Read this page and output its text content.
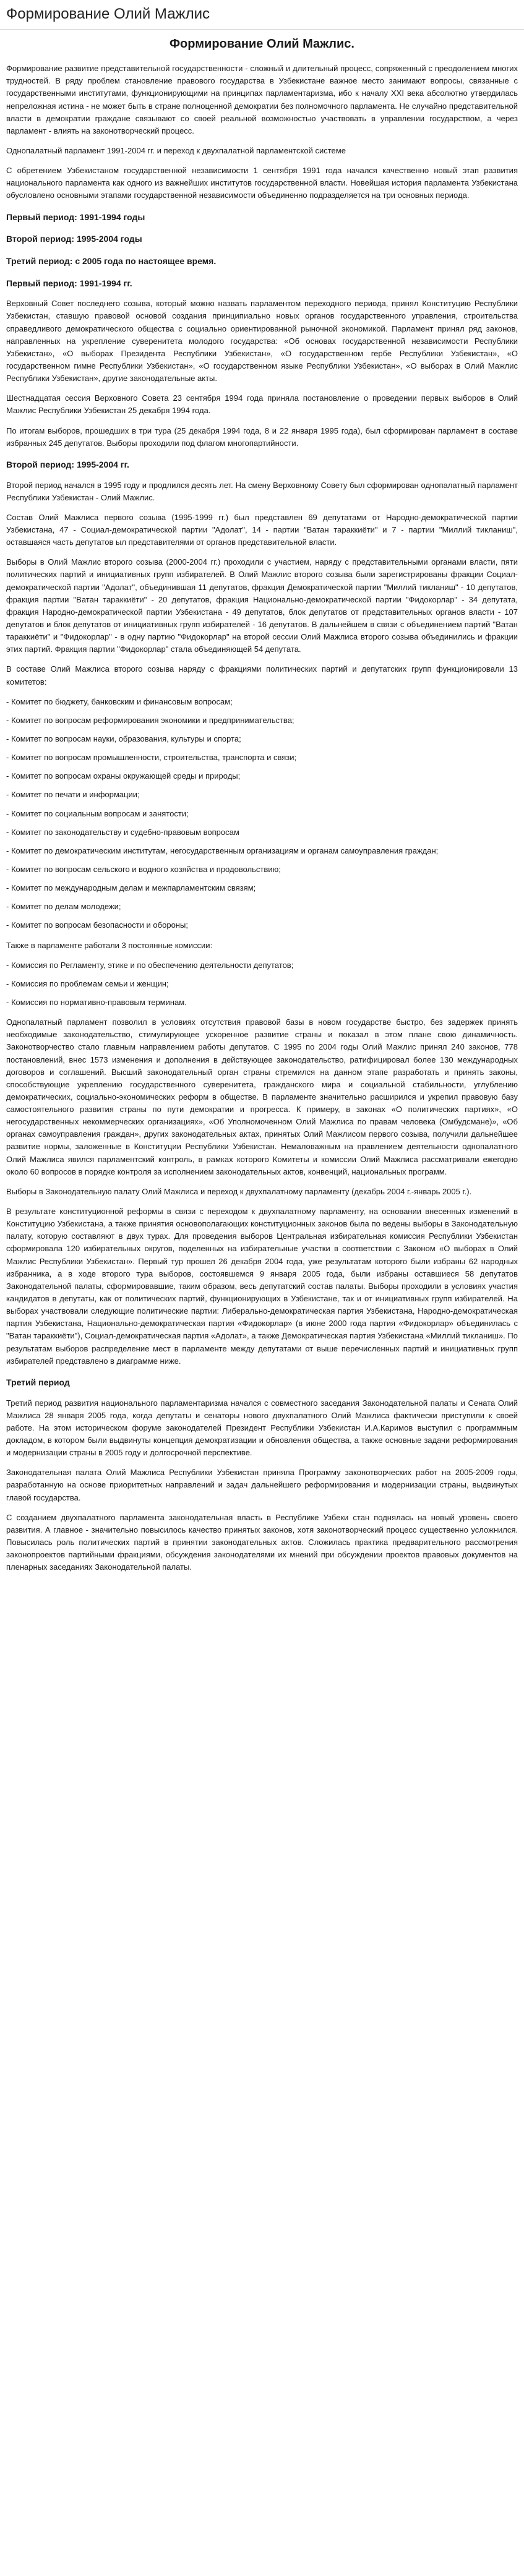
Формирование Олий Мажлис
Формирование Олий Мажлис.

Формирование развитие представительной государственности - сложный и длительный процесс, сопряженный с преодолением многих трудностей. В ряду проблем становление правового государства в Узбекистане важное место занимают вопросы, связанные с государственными институтами, функционирующими на принципах парламентаризма, ибо к началу XXI века абсолютно утвердилась непреложная истина - не может быть в стране полноценной демократии без полномочного парламента. Не случайно представительной власти в демократии граждане связывают со своей реальной возможностью участвовать в управлении государством, а через парламент - влиять на законотворческий процесс.

Однопалатный парламент 1991-2004 гг. и переход к двухпалатной парламентской системе

С обретением Узбекистаном государственной независимости 1 сентября 1991 года начался качественно новый этап развития национального парламента как одного из важнейших институтов государственной власти. Новейшая история парламента Узбекистана обусловлено основными этапами государственной независимости объединенно подразделяется на три основных периода.

Первый период: 1991-1994 годы
Второй период: 1995-2004 годы
Третий период: с 2005 года по настоящее время.
Первый период: 1991-1994 гг.

Верховный Совет последнего созыва, который можно назвать парламентом переходного периода, принял Конституцию Республики Узбекистан, ставшую правовой основой создания принципиально новых органов государственного управления, строительства справедливого демократического общества с социально ориентированной рыночной экономикой. Парламент принял ряд законов, направленных на укрепление суверенитета молодого государства: «Об основах государственной независимости Республики Узбекистан», «О выборах Президента Республики Узбекистан», «О государственном гербе Республики Узбекистан», «О государственном гимне Республики Узбекистан», «О государственном языке Республики Узбекистан», «О выборах в Олий Мажлис Республики Узбекистан», другие законодательные акты.

Шестнадцатая сессия Верховного Совета 23 сентября 1994 года приняла постановление о проведении первых выборов в Олий Мажлис Республики Узбекистан 25 декабря 1994 года.

По итогам выборов, прошедших в три тура (25 декабря 1994 года, 8 и 22 января 1995 года), был сформирован парламент в составе избранных 245 депутатов. Выборы проходили под флагом многопартийности.

Второй период: 1995-2004 гг.

Второй период начался в 1995 году и продлился десять лет. На смену Верховному Совету был сформирован однопалатный парламент Республики Узбекистан - Олий Мажлис.

Состав Олий Мажлиса первого созыва (1995-1999 гг.) был представлен 69 депутатами от Народно-демократической партии Узбекистана, 47 - Социал-демократической партии "Адолат", 14 - партии "Ватан тараккиёти" и 7 - партии "Миллий тикланиш", оставшаяся часть депутатов ыл представителями от органов представительной власти.

Выборы в Олий Мажлис второго созыва (2000-2004 гг.) проходили с участием, наряду с представительными органами власти, пяти политических партий и инициативных групп избирателей. В Олий Мажлис второго созыва были зарегистрированы фракции Социал-демократической партии "Адолат", объединившая 11 депутатов, фракция Демократической партии "Миллий тикланиш" - 10 депутатов, фракция партии "Ватан тараккиёти" - 20 депутатов, фракция Национально-демократической партии "Фидокорлар" - 34 депутата, фракция Народно-демократической партии Узбекистана - 49 депутатов, блок депутатов от представительных органов власти - 107 депутатов и блок депутатов от инициативных групп избирателей - 16 депутатов. В дальнейшем в связи с объединением партий "Ватан тараккиёти" и "Фидокорлар" - в одну партию "Фидокорлар" на второй сессии Олий Мажлиса второго созыва объединились и фракции этих партий. Фракция партии "Фидокорлар" стала объединяющей 54 депутата.

В составе Олий Мажлиса второго созыва наряду с фракциями политических партий и депутатских групп функционировали 13 комитетов:

- Комитет по бюджету, банковским и финансовым вопросам;
- Комитет по вопросам реформирования экономики и предпринимательства;
- Комитет по вопросам науки, образования, культуры и спорта;
- Комитет по вопросам промышленности, строительства, транспорта и связи;
- Комитет по вопросам охраны окружающей среды и природы;
- Комитет по печати и информации;
- Комитет по социальным вопросам и занятости;
- Комитет по законодательству и судебно-правовым вопросам
- Комитет по демократическим институтам, негосударственным организациям и органам самоуправления граждан;
- Комитет по вопросам сельского и водного хозяйства и продовольствию;
- Комитет по международным делам и межпарламентским связям;
- Комитет по делам молодежи;
- Комитет по вопросам безопасности и обороны;

Также в парламенте работали 3 постоянные комиссии:

- Комиссия по Регламенту, этике и по обеспечению деятельности депутатов;
- Комиссия по проблемам семьи и женщин;
- Комиссия по нормативно-правовым терминам.

Однопалатный парламент позволил в условиях отсутствия правовой базы в новом государстве быстро, без задержек принять необходимые законодательство, стимулирующее ускоренное развитие страны и показал в этом плане свою динамичность. Законотворчество стало главным направлением работы депутатов. С 1995 по 2004 годы Олий Мажлис принял 240 законов, 778 постановлений, внес 1573 изменения и дополнения в действующее законодательство, ратифицировал более 130 международных договоров и соглашений. Высший законодательный орган страны стремился на данном этапе разработать и принять законы, способствующие укреплению государственного суверенитета, гражданского мира и социальной стабильности, углублению демократических, социально-экономических реформ в обществе. В парламенте значительно расширился и укрепил правовую базу самостоятельного развития страны по пути демократии и прогресса. К примеру, в законах «О политических партиях», «О негосударственных некоммерческих организациях», «Об Уполномоченном Олий Мажлиса по правам человека (Омбудсмане)», «Об органах самоуправления граждан», других законодательных актах, принятых Олий Мажлисом первого созыва, получили дальнейшее развитие нормы, заложенные в Конституции Республики Узбекистан. Немаловажным на правлением деятельности однопалатного Олий Мажлиса явился парламентский контроль, в рамках которого Комитеты и комиссии Олий Мажлиса рассматривали ежегодно около 60 вопросов в порядке контроля за исполнением законодательных актов, конвенций, национальных программ.

Выборы в Законодательную палату Олий Мажлиса и переход к двухпалатному парламенту (декабрь 2004 г.-январь 2005 г.).

В результате конституционной реформы в связи с переходом к двухпалатному парламенту, на основании внесенных изменений в Конституцию Узбекистана, а также принятия основополагающих конституционных законов была по ведены выборы в Законодательную палату, которую составляют в двух турах. Для проведения выборов Центральная избирательная комиссия Республики Узбекистан сформировала 120 избирательных округов, поделенных на избирательные участки в соответствии с Законом «О выборах в Олий Мажлис Республики Узбекистан». Первый тур прошел 26 декабря 2004 года, уже результатам которого были избраны 62 народных избранника, а в ходе второго тура выборов, состоявшемся 9 января 2005 года, были избраны оставшиеся 58 депутатов Законодательной палаты, сформировавшие, таким образом, весь депутатский состав палаты. Выборы проходили в условиях участия кандидатов в депутаты, как от политических партий, функционирующих в Узбекистане, так и от инициативных групп избирателей. На выборах участвовали следующие политические партии: Либерально-демократическая партия Узбекистана, Народно-демократическая партия Узбекистана, Национально-демократическая партия «Фидокорлар» (в июне 2000 года партия «Фидокорлар» объединилась с "Ватан тараккиёти"), Социал-демократическая партия «Адолат», а также Демократическая партия Узбекистана «Миллий тикланиш». По результатам выборов распределение мест в парламенте между депутатами от выше перечисленных партий и инициативных групп избирателей представлено в диаграмме ниже.

Третий период

Третий период развития национального парламентаризма начался с совместного заседания Законодательной палаты и Сената Олий Мажлиса 28 января 2005 года, когда депутаты и сенаторы нового двухпалатного Олий Мажлиса фактически приступили к своей работе. На этом историческом форуме законодателей Президент Республики Узбекистан И.А.Каримов выступил с программным докладом, в котором были выдвинуты концепция демократизации и обновления общества, а также основные задачи реформирования и модернизации страны в 2005 году и долгосрочной перспективе.

Законодательная палата Олий Мажлиса Республики Узбекистан приняла Программу законотворческих работ на 2005-2009 годы, разработанную на основе приоритетных направлений и задач дальнейшего реформирования и модернизации страны, выдвинутых главой государства.

С созданием двухпалатного парламента законодательная власть в Республике Узбеки стан поднялась на новый уровень своего развития. А главное - значительно повысилось качество принятых законов, хотя законотворческий процесс существенно усложнился. Повысилась роль политических партий в принятии законодательных актов. Сложилась практика предварительного рассмотрения законопроектов партийными фракциями, обсуждения законодателями их мнений при обсуждении проектов правовых документов на пленарных заседаниях Законодательной палаты.
